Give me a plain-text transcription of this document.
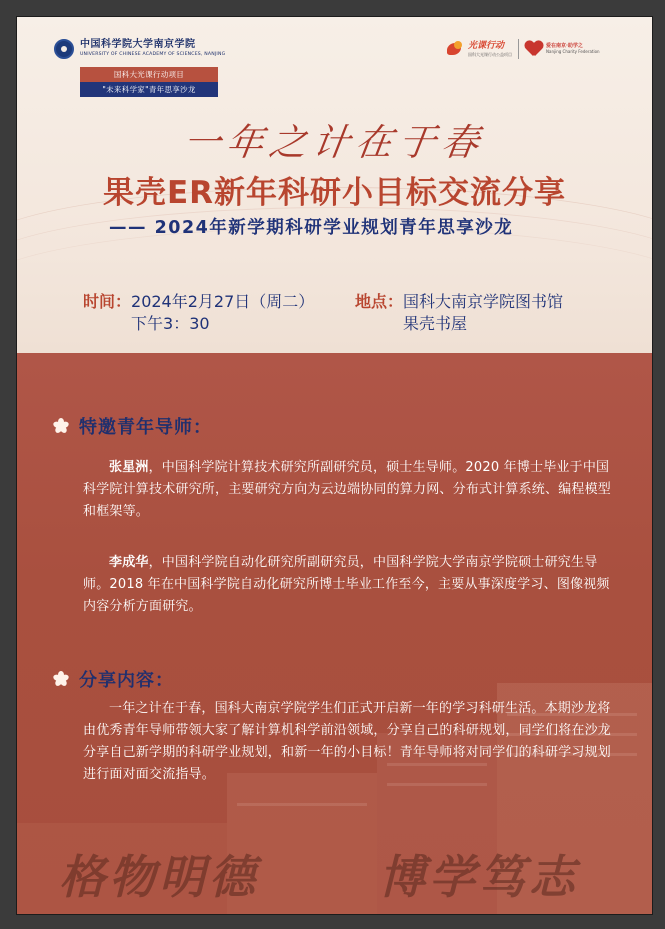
中国科学院大学南京学院
UNIVERSITY OF CHINESE ACADEMY OF SCIENCES, NANJING
国科大光课行动项目
"未来科学家"青年思享沙龙
光课行动
国科大光课行动公益项目
爱在南京·助学之
Nanjing Charity Federation
一年之计在于春
果壳ER新年科研小目标交流分享
—— 2024年新学期科研学业规划青年思享沙龙
时间： 2024年2月27日（周二）
下午3：30
地点： 国科大南京学院图书馆
果壳书屋
特邀青年导师：

张星洲，中国科学院计算技术研究所副研究员，硕士生导师。2020 年博士毕业于中国科学院计算技术研究所，主要研究方向为云边端协同的算力网、分布式计算系统、编程模型和框架等。

李成华，中国科学院自动化研究所副研究员，中国科学院大学南京学院硕士研究生导师。2018 年在中国科学院自动化研究所博士毕业工作至今，主要从事深度学习、图像视频内容分析方面研究。

分享内容：

一年之计在于春，国科大南京学院学生们正式开启新一年的学习科研生活。本期沙龙将由优秀青年导师带领大家了解计算机科学前沿领域，分享自己的科研规划，同学们将在沙龙分享自己新学期的科研学业规划，和新一年的小目标！青年导师将对同学们的科研学习规划进行面对面交流指导。

格物明德	博学笃志
